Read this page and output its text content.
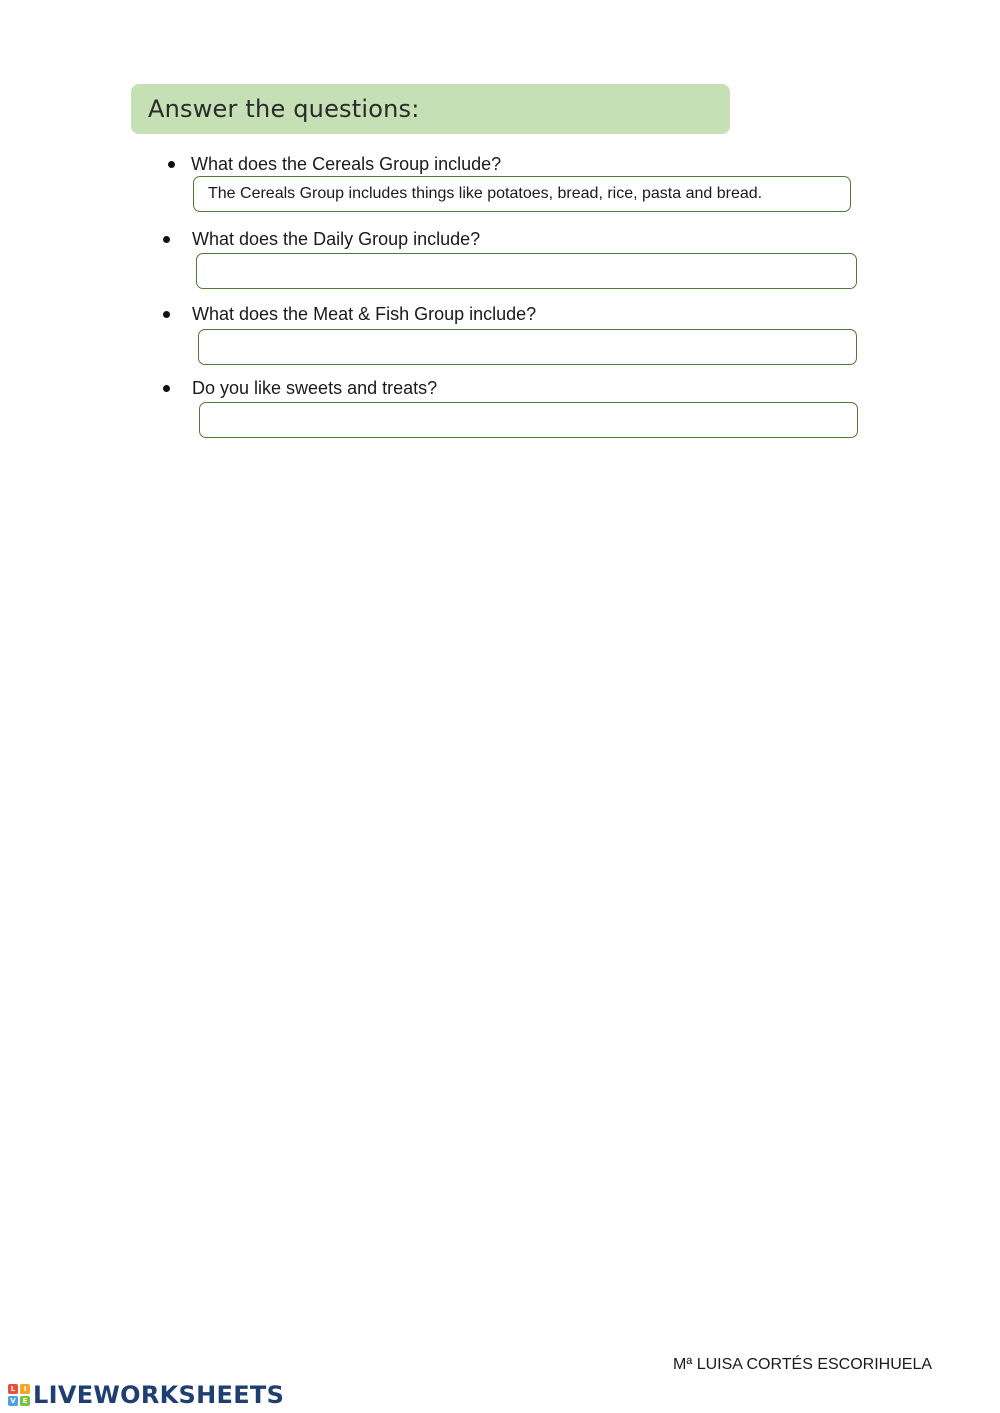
Answer the questions:
What does the Cereals Group include?
The Cereals Group includes things like potatoes, bread, rice, pasta and bread.
What does the Daily Group include?
What does the Meat & Fish Group include?
Do you like sweets and treats?
Mª LUISA CORTÉS ESCORIHUELA
L	I
V E LIVEWORKSHEETS
